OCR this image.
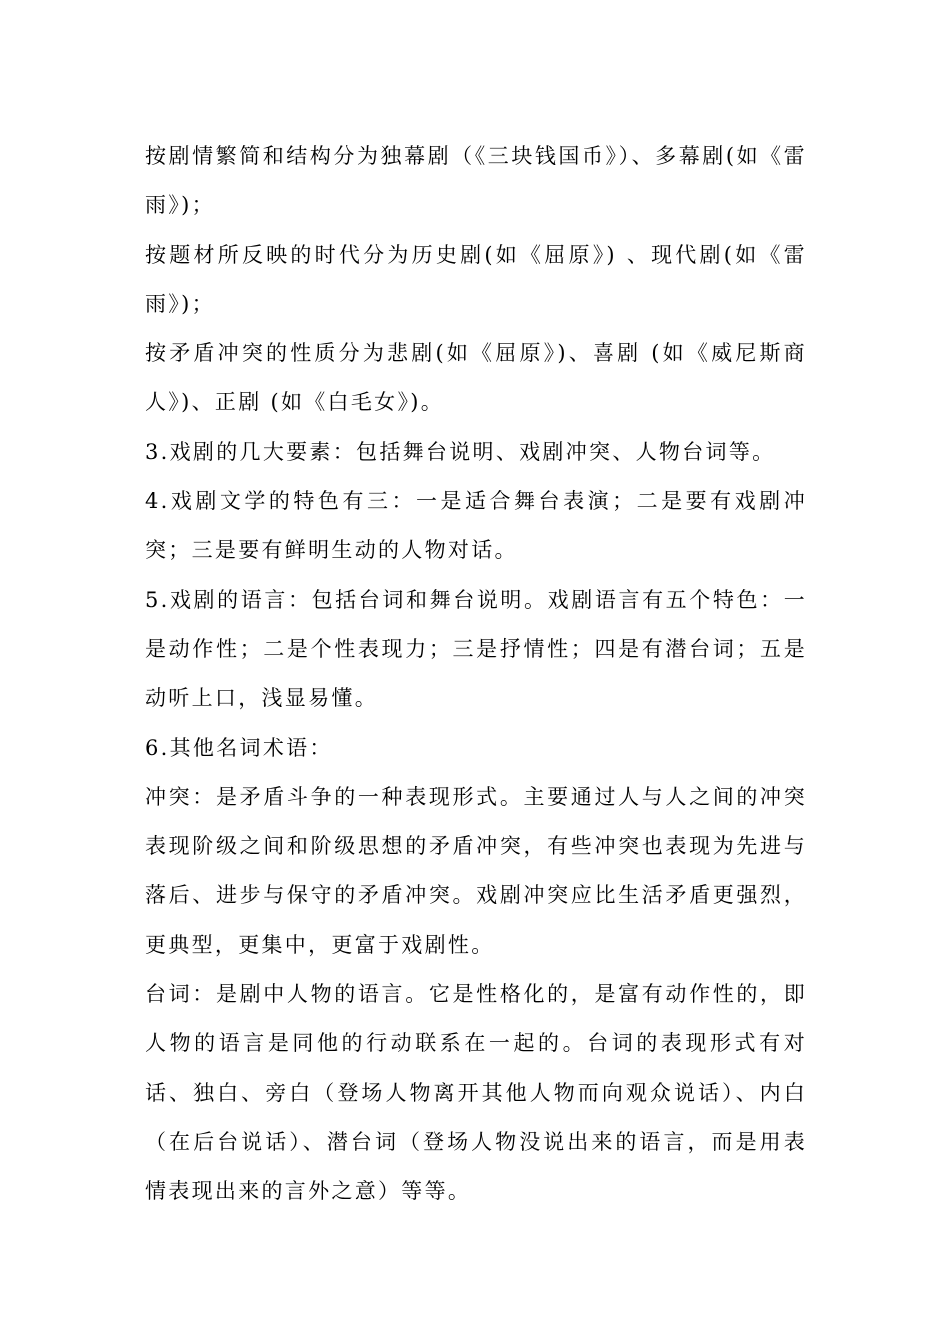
按剧情繁简和结构分为独幕剧（《三块钱国币》）、多幕剧(如《雷雨》)；

按题材所反映的时代分为历史剧(如《屈原》) 、现代剧(如《雷雨》)；

按矛盾冲突的性质分为悲剧(如《屈原》)、喜剧 (如《威尼斯商人》)、正剧 (如《白毛女》)。

3.戏剧的几大要素：包括舞台说明、戏剧冲突、人物台词等。

4.戏剧文学的特色有三：一是适合舞台表演；二是要有戏剧冲突；三是要有鲜明生动的人物对话。

5.戏剧的语言：包括台词和舞台说明。戏剧语言有五个特色：一是动作性；二是个性表现力；三是抒情性；四是有潜台词；五是动听上口，浅显易懂。

6.其他名词术语：

冲突：是矛盾斗争的一种表现形式。主要通过人与人之间的冲突表现阶级之间和阶级思想的矛盾冲突，有些冲突也表现为先进与落后、进步与保守的矛盾冲突。戏剧冲突应比生活矛盾更强烈，更典型，更集中，更富于戏剧性。

台词：是剧中人物的语言。它是性格化的，是富有动作性的，即人物的语言是同他的行动联系在一起的。台词的表现形式有对话、独白、旁白（登场人物离开其他人物而向观众说话）、内白（在后台说话）、潜台词（登场人物没说出来的语言，而是用表情表现出来的言外之意）等等。
